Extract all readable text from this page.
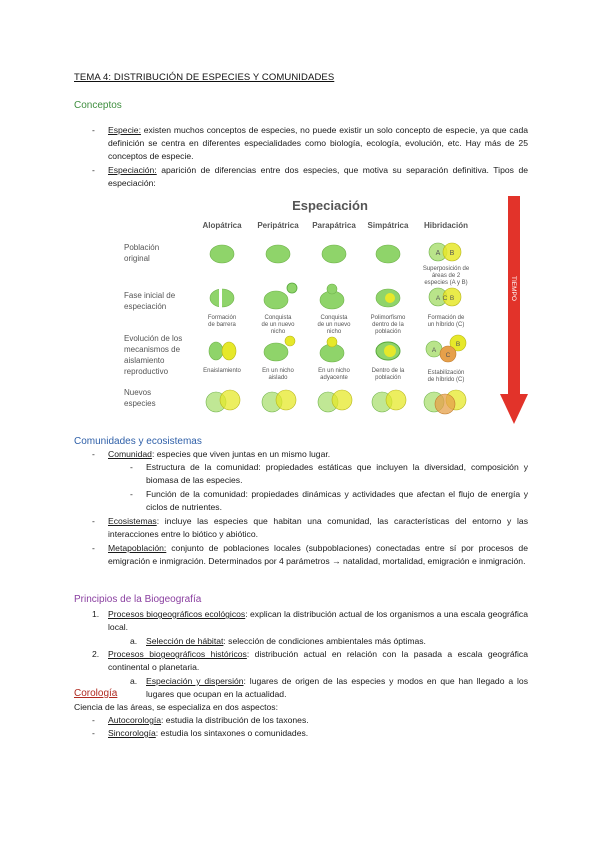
TEMA 4: DISTRIBUCIÓN DE ESPECIES Y COMUNIDADES
Conceptos
- Especie: existen muchos conceptos de especies, no puede existir un solo concepto de especie, ya que cada definición se centra en diferentes especialidades como biología, ecología, evolución, etc. Hay más de 25 conceptos de especie.
- Especiación: aparición de diferencias entre dos especies, que motiva su separación definitiva. Tipos de especiación:
Especiación
Alopátrica Peripátrica Parapátrica Simpátrica Hibridación
Población
original
Fase inicial de
especiación
Evolución de los
mecanismos de
aislamiento
reproductivo
Nuevos
especies
A B
Superposición de
áreas de 2
especies (A y B)
A C B
Formación
de barrera
Conquista
de un nuevo
nicho
Conquista
de un nuevo
nicho
Polimorfismo
dentro de la
población
Formación de
un híbrido (C)
A
B
C
Enaislamiento	En un nicho
aislado
En un nicho
adyacente
Dentro de la
población
Estabilización
de híbrido (C)
TIEMPO
Comunidades y ecosistemas
- Comunidad: especies que viven juntas en un mismo lugar.
- Estructura de la comunidad: propiedades estáticas que incluyen la diversidad, composición y biomasa de las especies.
- Función de la comunidad: propiedades dinámicas y actividades que afectan el flujo de energía y ciclos de nutrientes.
- Ecosistemas: incluye las especies que habitan una comunidad, las características del entorno y las interacciones entre lo biótico y abiótico.
- Metapoblación: conjunto de poblaciones locales (subpoblaciones) conectadas entre sí por procesos de emigración e inmigración. Determinados por 4 parámetros → natalidad, mortalidad, emigración e inmigración.
Principios de la Biogeografía
1. Procesos biogeográficos ecológicos: explican la distribución actual de los organismos a una escala geográfica local.
a. Selección de hábitat: selección de condiciones ambientales más óptimas.
2. Procesos biogeográficos históricos: distribución actual en relación con la pasada a escala geográfica continental o planetaria.
a. Especiación y dispersión: lugares de origen de las especies y modos en que han llegado a los lugares que ocupan en la actualidad.
Corología
Ciencia de las áreas, se especializa en dos aspectos:
- Autocorología: estudia la distribución de los taxones.
- Sincorología: estudia los sintaxones o comunidades.
